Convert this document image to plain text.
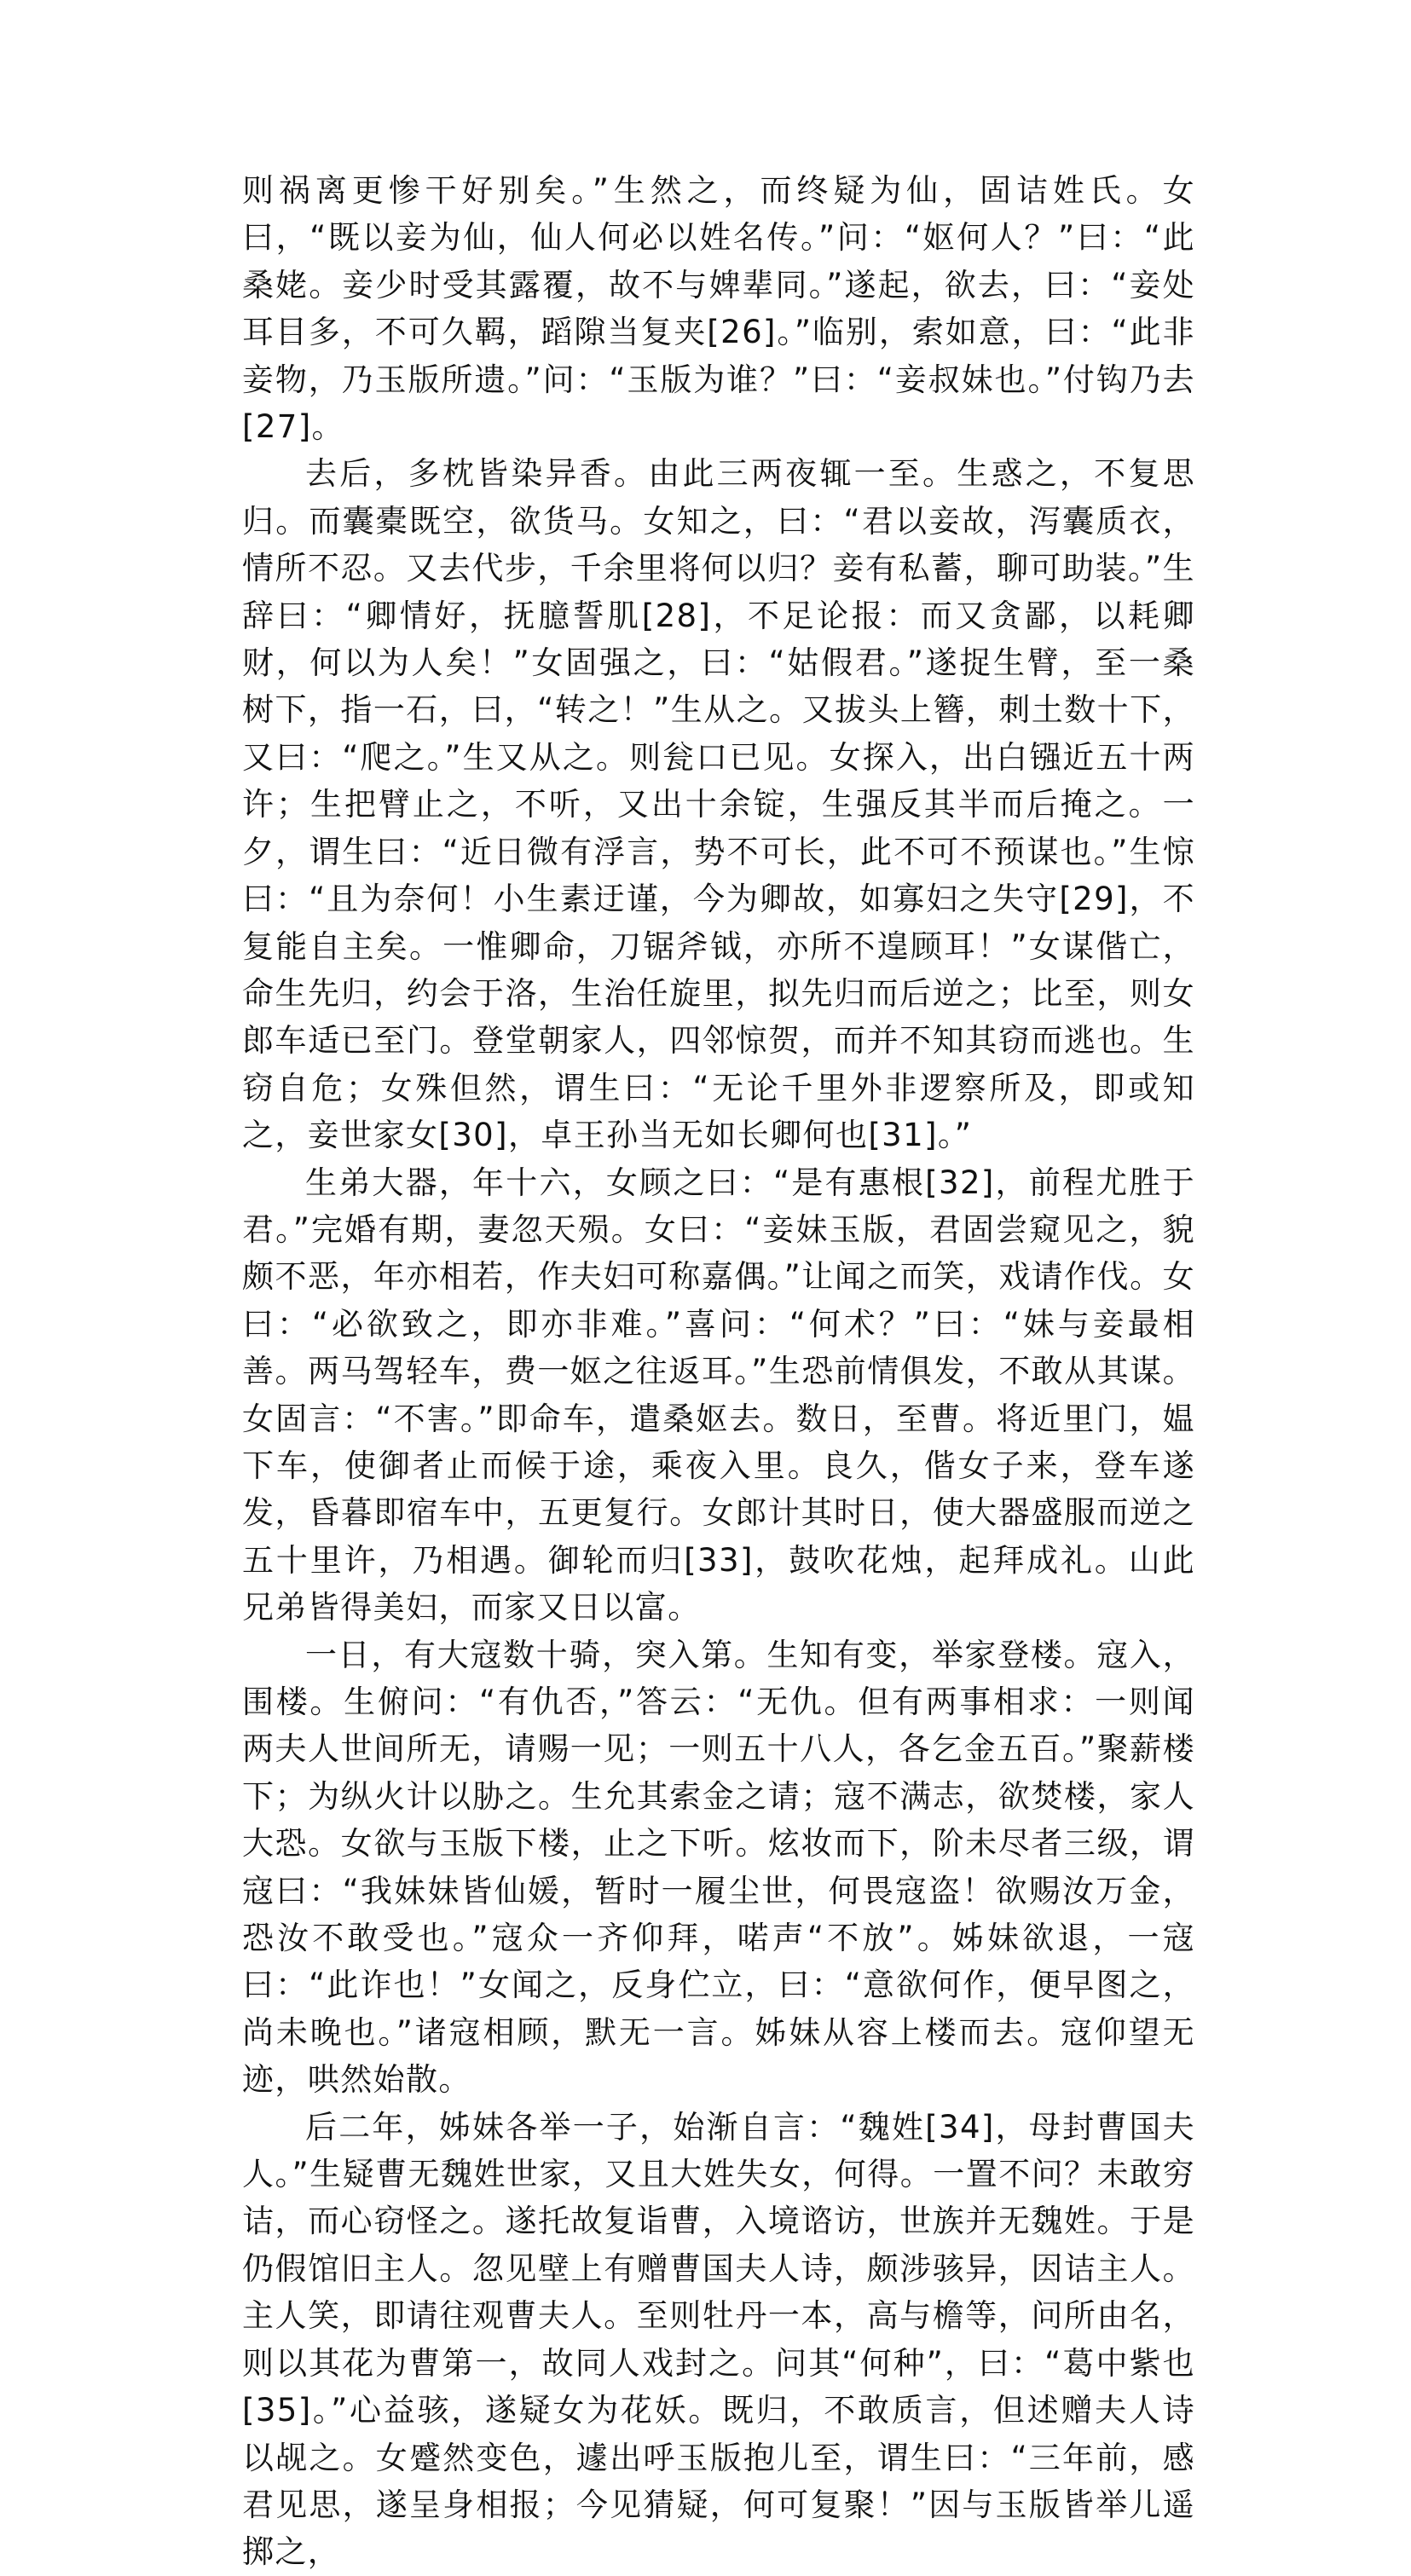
则祸离更惨干好别矣。”生然之，而终疑为仙，固诘姓氏。女曰，“既以妾为仙，仙人何必以姓名传。”问：“妪何人？”曰：“此桑姥。妾少时受其露覆，故不与婢辈同。”遂起，欲去，曰：“妾处耳目多，不可久羁，蹈隙当复夹[26]。”临别，索如意，曰：“此非妾物，乃玉版所遗。”问：“玉版为谁？”曰：“妾叔妹也。”付钩乃去[27]。

去后，多枕皆染异香。由此三两夜辄一至。生惑之，不复思归。而囊橐既空，欲货马。女知之，曰：“君以妾故，泻囊质衣，情所不忍。又去代步，千余里将何以归？妾有私蓄，聊可助装。”生辞曰：“卿情好，抚臆誓肌[28]，不足论报：而又贪鄙，以耗卿财，何以为人矣！”女固强之，曰：“姑假君。”遂捉生臂，至一桑树下，指一石，曰，“转之！”生从之。又拔头上簪，刺土数十下，又曰：“爬之。”生又从之。则瓮口已见。女探入，出白镪近五十两许；生把臂止之，不听，又出十余锭，生强反其半而后掩之。一夕，谓生曰：“近日微有浮言，势不可长，此不可不预谋也。”生惊曰：“且为奈何！小生素迂谨，今为卿故，如寡妇之失守[29]，不复能自主矣。一惟卿命，刀锯斧钺，亦所不遑顾耳！”女谋偕亡，命生先归，约会于洛，生治任旋里，拟先归而后逆之；比至，则女郎车适已至门。登堂朝家人，四邻惊贺，而并不知其窃而逃也。生窃自危；女殊但然，谓生曰：“无论千里外非逻察所及，即或知之，妾世家女[30]，卓王孙当无如长卿何也[31]。”

生弟大器，年十六，女顾之曰：“是有惠根[32]，前程尤胜于君。”完婚有期，妻忽天殒。女曰：“妾妹玉版，君固尝窥见之，貌颇不恶，年亦相若，作夫妇可称嘉偶。”让闻之而笑，戏请作伐。女曰：“必欲致之，即亦非难。”喜问：“何术？”曰：“妹与妾最相善。两马驾轻车，费一妪之往返耳。”生恐前情俱发，不敢从其谋。女固言：“不害。”即命车，遣桑妪去。数日，至曹。将近里门，媪下车，使御者止而候于途，乘夜入里。良久，偕女子来，登车遂发，昏暮即宿车中，五更复行。女郎计其时日，使大器盛服而逆之五十里许，乃相遇。御轮而归[33]，鼓吹花烛，起拜成礼。山此兄弟皆得美妇，而家又日以富。

一日，有大寇数十骑，突入第。生知有变，举家登楼。寇入，围楼。生俯问：“有仇否，”答云：“无仇。但有两事相求：一则闻两夫人世间所无，请赐一见；一则五十八人，各乞金五百。”聚薪楼下；为纵火计以胁之。生允其索金之请；寇不满志，欲焚楼，家人大恐。女欲与玉版下楼，止之下听。炫妆而下，阶未尽者三级，谓寇曰：“我妹妹皆仙媛，暂时一履尘世，何畏寇盗！欲赐汝万金，恐汝不敢受也。”寇众一齐仰拜，喏声“不放”。姊妹欲退，一寇曰：“此诈也！”女闻之，反身伫立，曰：“意欲何作，便早图之，尚未晚也。”诸寇相顾，默无一言。姊妹从容上楼而去。寇仰望无迹，哄然始散。

后二年，姊妹各举一子，始渐自言：“魏姓[34]，母封曹国夫人。”生疑曹无魏姓世家，又且大姓失女，何得。一置不问？未敢穷诘，而心窃怪之。遂托故复诣曹，入境谘访，世族并无魏姓。于是仍假馆旧主人。忽见壁上有赠曹国夫人诗，颇涉骇异，因诘主人。主人笑，即请往观曹夫人。至则牡丹一本，高与檐等，问所由名，则以其花为曹第一，故同人戏封之。问其“何种”，曰：“葛中紫也[35]。”心益骇，遂疑女为花妖。既归，不敢质言，但述赠夫人诗以觇之。女蹙然变色，遽出呼玉版抱儿至，谓生曰：“三年前，感君见思，遂呈身相报；今见猜疑，何可复聚！”因与玉版皆举儿遥掷之，
